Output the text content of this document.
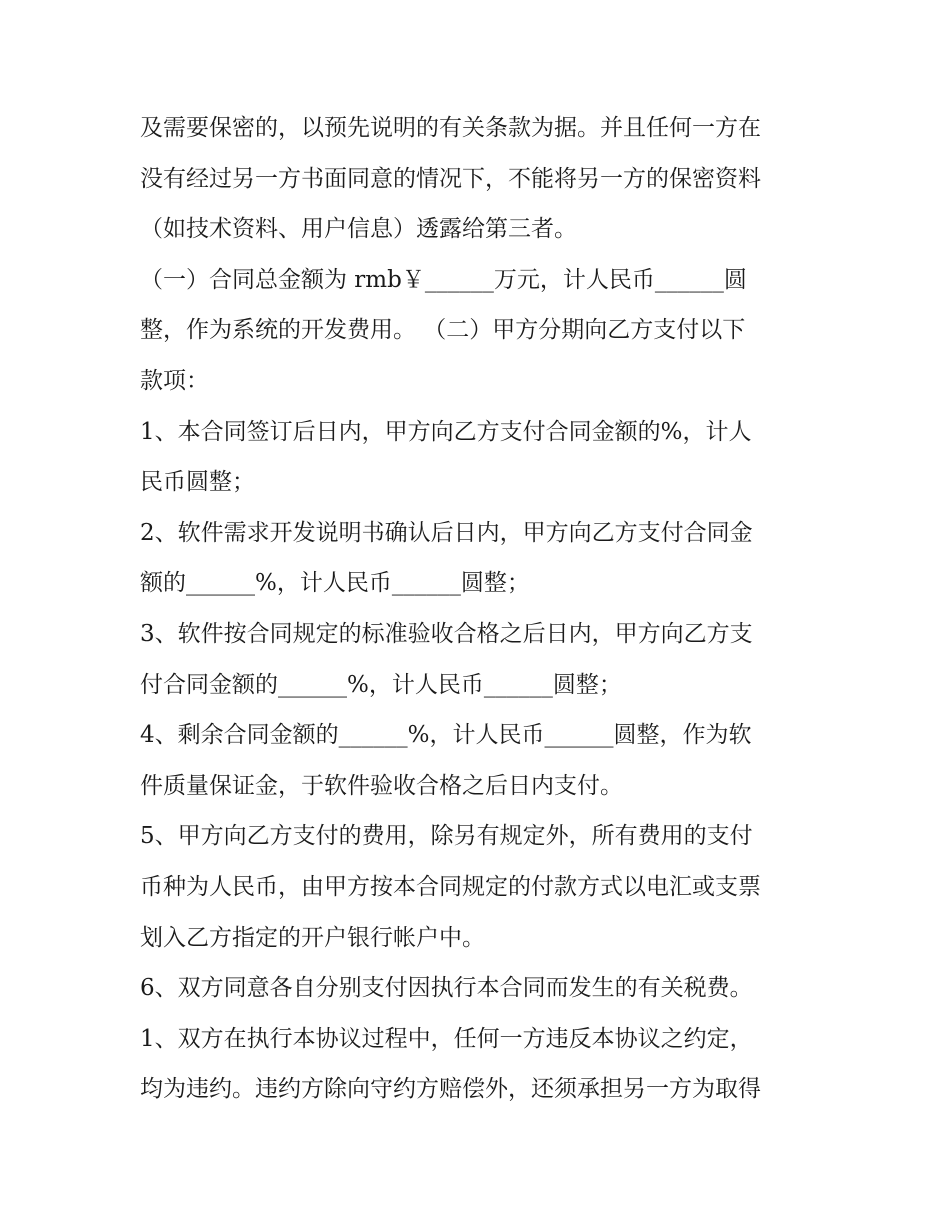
及需要保密的，以预先说明的有关条款为据。并且任何一方在
没有经过另一方书面同意的情况下，不能将另一方的保密资料
（如技术资料、用户信息）透露给第三者。
（一）合同总金额为 rmb￥______万元，计人民币______圆
整，作为系统的开发费用。 （二）甲方分期向乙方支付以下
款项：
1、本合同签订后日内，甲方向乙方支付合同金额的%，计人
民币圆整；
2、软件需求开发说明书确认后日内，甲方向乙方支付合同金
额的______%，计人民币______圆整；
3、软件按合同规定的标准验收合格之后日内，甲方向乙方支
付合同金额的______%，计人民币______圆整；
4、剩余合同金额的______%，计人民币______圆整，作为软
件质量保证金，于软件验收合格之后日内支付。
5、甲方向乙方支付的费用，除另有规定外，所有费用的支付
币种为人民币，由甲方按本合同规定的付款方式以电汇或支票
划入乙方指定的开户银行帐户中。
6、双方同意各自分别支付因执行本合同而发生的有关税费。
1、双方在执行本协议过程中，任何一方违反本协议之约定，
均为违约。违约方除向守约方赔偿外，还须承担另一方为取得
